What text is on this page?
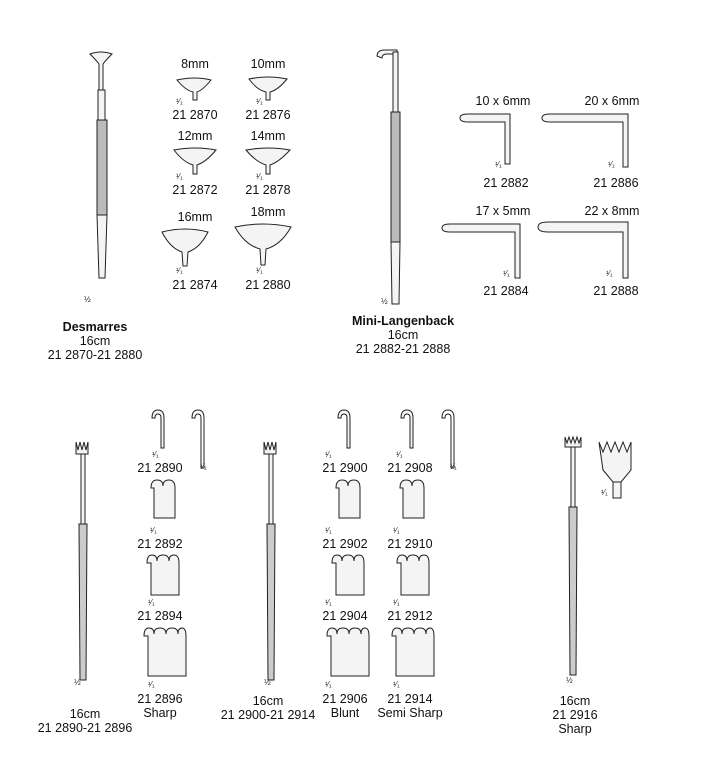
½
Desmarres
16cm
21 2870-21 2880
8mm
¹⁄₁
21 2870
10mm
¹⁄₁
21 2876
12mm
¹⁄₁
21 2872
14mm
¹⁄₁
21 2878
16mm
¹⁄₁
21 2874
18mm
¹⁄₁
21 2880
½
Mini-Langenback
16cm
21 2882-21 2888
10 x 6mm
¹⁄₁
21 2882
20 x 6mm
¹⁄₁
21 2886
17 x 5mm
¹⁄₁
21 2884
22 x 8mm
¹⁄₁
21 2888
½
¹⁄₁
¹⁄₁
21 2890
¹⁄₁
21 2892
¹⁄₁
21 2894
¹⁄₁
21 2896
Sharp
16cm
21 2890-21 2896
½
¹⁄₁
21 2900
¹⁄₁
21 2902
¹⁄₁
21 2904
¹⁄₁
21 2906
Blunt
¹⁄₁
¹⁄₁
21 2908
¹⁄₁
21 2910
¹⁄₁
21 2912
¹⁄₁
21 2914
Semi Sharp
16cm
21 2900-21 2914
¹⁄₁
½
16cm
21 2916
Sharp
